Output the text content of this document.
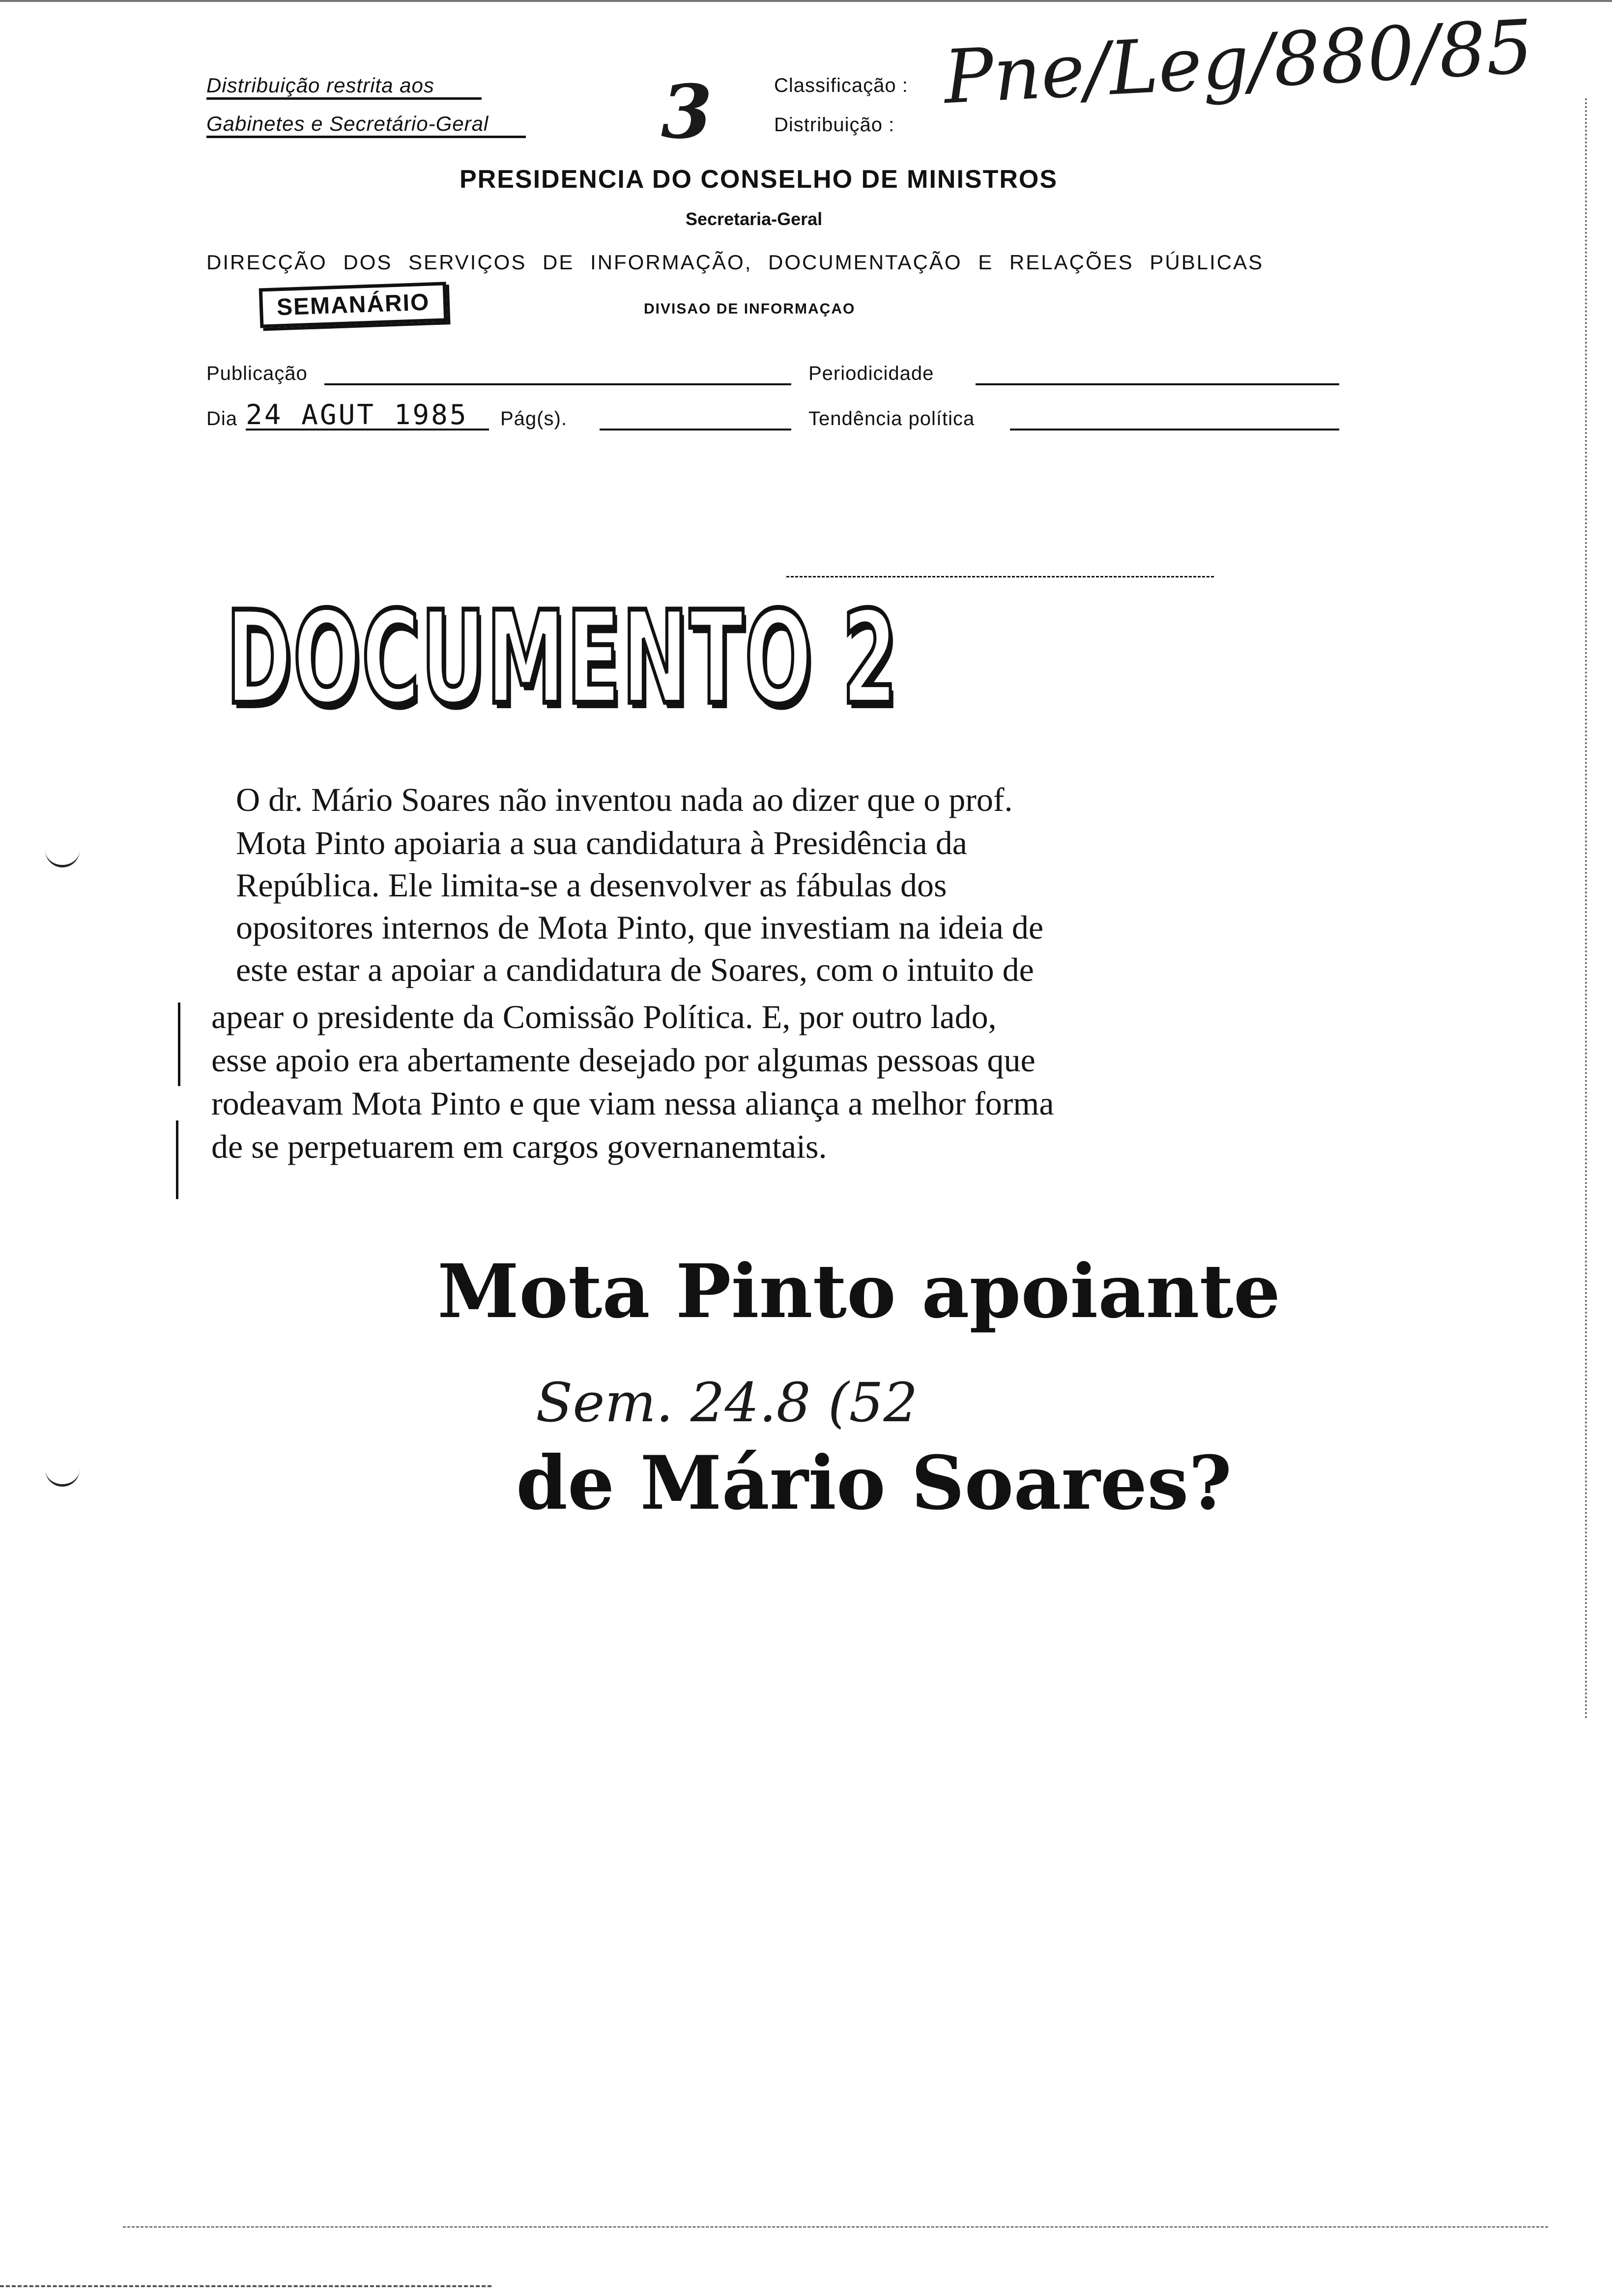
Distribuição restrita aos
Gabinetes e Secretário-Geral	3	Classificação :
Distribuição :
Pne/Leg/880/85
PRESIDENCIA DO CONSELHO DE MINISTROS
Secretaria-Geral
DIRECÇÃO DOS SERVIÇOS DE INFORMAÇÃO, DOCUMENTAÇÃO E RELAÇÕES PÚBLICAS
SEMANÁRIO	DIVISAO DE INFORMAÇAO
Publicação	Periodicidade
Dia 24 AGUT 1985 Pág(s).	Tendência política
DOCUMENTO 2
O dr. Mário Soares não inventou nada ao dizer que o prof.
Mota Pinto apoiaria a sua candidatura à Presidência da
República. Ele limita-se a desenvolver as fábulas dos
opositores internos de Mota Pinto, que investiam na ideia de
este estar a apoiar a candidatura de Soares, com o intuito de
apear o presidente da Comissão Política. E, por outro lado,
esse apoio era abertamente desejado por algumas pessoas que
rodeavam Mota Pinto e que viam nessa aliança a melhor forma
de se perpetuarem em cargos governanemtais.
Mota Pinto apoiante
Sem. 24.8 (52
de Mário Soares?
